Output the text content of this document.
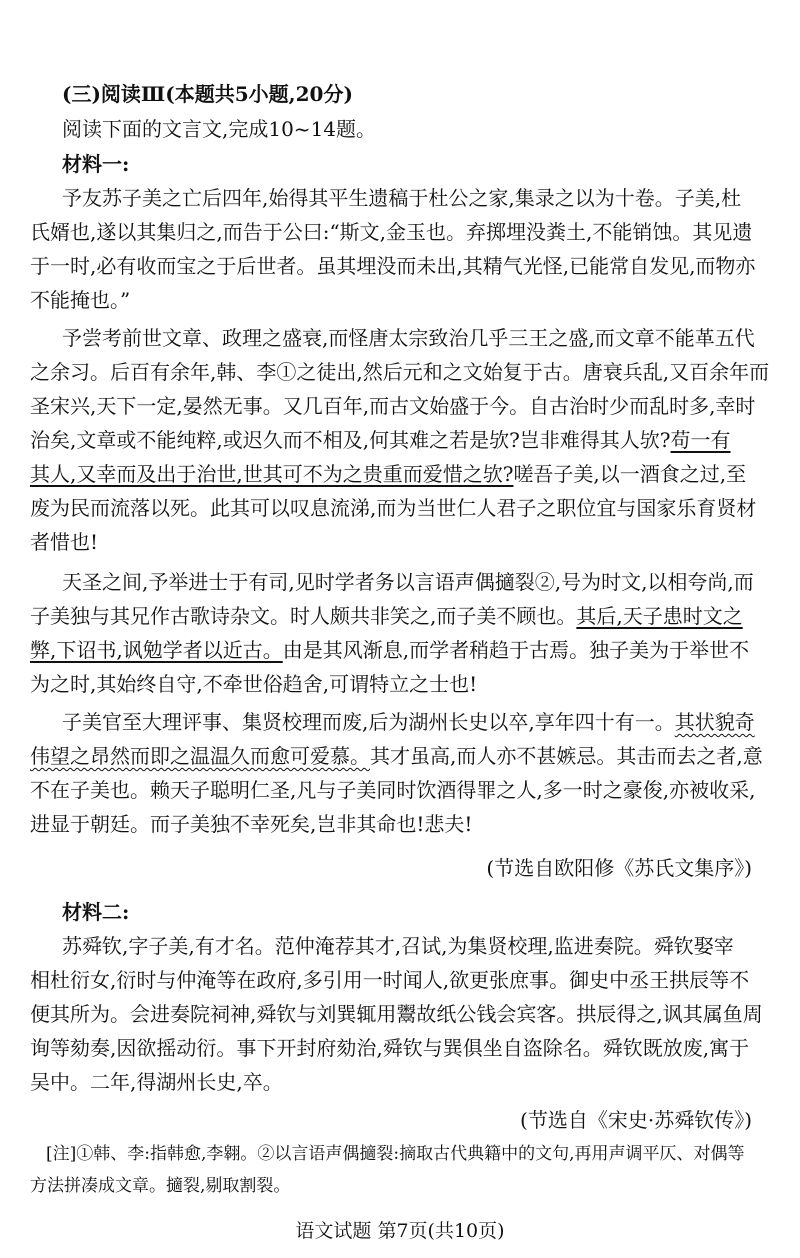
(三)阅读Ⅲ(本题共5小题,20分)
阅读下面的文言文,完成10~14题。
材料一:
予友苏子美之亡后四年,始得其平生遗稿于杜公之家,集录之以为十卷。子美,杜
氏婿也,遂以其集归之,而告于公曰:“斯文,金玉也。弃掷埋没粪土,不能销蚀。其见遗
于一时,必有收而宝之于后世者。虽其埋没而未出,其精气光怪,已能常自发见,而物亦
不能掩也。”
予尝考前世文章、政理之盛衰,而怪唐太宗致治几乎三王之盛,而文章不能革五代
之余习。后百有余年,韩、李①之徒出,然后元和之文始复于古。唐衰兵乱,又百余年而
圣宋兴,天下一定,晏然无事。又几百年,而古文始盛于今。自古治时少而乱时多,幸时
治矣,文章或不能纯粹,或迟久而不相及,何其难之若是欤?岂非难得其人欤?苟一有
其人,又幸而及出于治世,世其可不为之贵重而爱惜之欤?嗟吾子美,以一酒食之过,至
废为民而流落以死。此其可以叹息流涕,而为当世仁人君子之职位宜与国家乐育贤材
者惜也!
天圣之间,予举进士于有司,见时学者务以言语声偶擿裂②,号为时文,以相夸尚,而
子美独与其兄作古歌诗杂文。时人颇共非笑之,而子美不顾也。其后,天子患时文之
弊,下诏书,讽勉学者以近古。由是其风渐息,而学者稍趋于古焉。独子美为于举世不
为之时,其始终自守,不牵世俗趋舍,可谓特立之士也!
子美官至大理评事、集贤校理而废,后为湖州长史以卒,享年四十有一。其状貌奇
伟望之昂然而即之温温久而愈可爱慕。其才虽高,而人亦不甚嫉忌。其击而去之者,意
不在子美也。赖天子聪明仁圣,凡与子美同时饮酒得罪之人,多一时之豪俊,亦被收采,
进显于朝廷。而子美独不幸死矣,岂非其命也!悲夫!
(节选自欧阳修《苏氏文集序》)
材料二:
苏舜钦,字子美,有才名。范仲淹荐其才,召试,为集贤校理,监进奏院。舜钦娶宰
相杜衍女,衍时与仲淹等在政府,多引用一时闻人,欲更张庶事。御史中丞王拱辰等不
便其所为。会进奏院祠神,舜钦与刘巽辄用鬻故纸公钱会宾客。拱辰得之,讽其属鱼周
询等劾奏,因欲摇动衍。事下开封府劾治,舜钦与巽俱坐自盗除名。舜钦既放废,寓于
吴中。二年,得湖州长史,卒。
(节选自《宋史·苏舜钦传》)
[注]①韩、李:指韩愈,李翱。②以言语声偶擿裂:摘取古代典籍中的文句,再用声调平仄、对偶等
方法拼凑成文章。擿裂,剔取割裂。
语文试题 第7页(共10页)
